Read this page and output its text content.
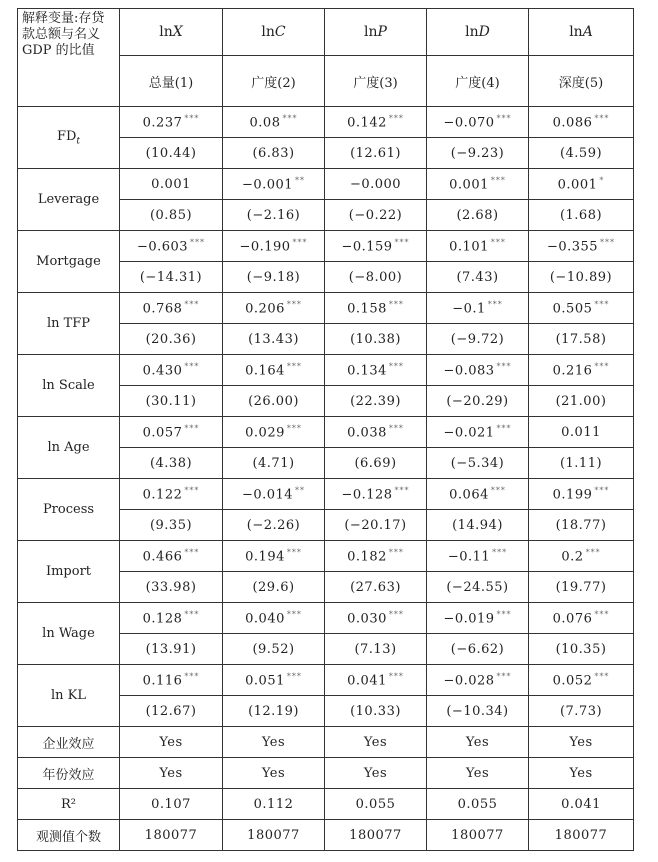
解释变量:存贷款总额与名义 GDP 的比值	lnX	lnC	lnP	lnD	lnA
	总量(1)	广度(2)	广度(3)	广度(4)	深度(5)
$FD_t$	0.237 ***	0.08 ***	0.142 ***	−0.070 ***	0.086 ***
	(10.44)	(6.83)	(12.61)	(−9.23)	(4.59)
Leverage	0.001	−0.001 **	−0.000	0.001 ***	0.001 *
	(0.85)	(−2.16)	(−0.22)	(2.68)	(1.68)
Mortgage	−0.603 ***	−0.190 ***	−0.159 ***	0.101 ***	−0.355 ***
	(−14.31)	(−9.18)	(−8.00)	(7.43)	(−10.89)
ln TFP	0.768 ***	0.206 ***	0.158 ***	−0.1 ***	0.505 ***
	(20.36)	(13.43)	(10.38)	(−9.72)	(17.58)
ln Scale	0.430 ***	0.164 ***	0.134 ***	−0.083 ***	0.216 ***
	(30.11)	(26.00)	(22.39)	(−20.29)	(21.00)
ln Age	0.057 ***	0.029 ***	0.038 ***	−0.021 ***	0.011
	(4.38)	(4.71)	(6.69)	(−5.34)	(1.11)
Process	0.122 ***	−0.014 **	−0.128 ***	0.064 ***	0.199 ***
	(9.35)	(−2.26)	(−20.17)	(14.94)	(18.77)
Import	0.466 ***	0.194 ***	0.182 ***	−0.11 ***	0.2 ***
	(33.98)	(29.6)	(27.63)	(−24.55)	(19.77)
ln Wage	0.128 ***	0.040 ***	0.030 ***	−0.019 ***	0.076 ***
	(13.91)	(9.52)	(7.13)	(−6.62)	(10.35)
ln KL	0.116 ***	0.051 ***	0.041 ***	−0.028 ***	0.052 ***
	(12.67)	(12.19)	(10.33)	(−10.34)	(7.73)
企业效应	Yes	Yes	Yes	Yes	Yes
年份效应	Yes	Yes	Yes	Yes	Yes
R²	0.107	0.112	0.055	0.055	0.041
观测值个数	180077	180077	180077	180077	180077
